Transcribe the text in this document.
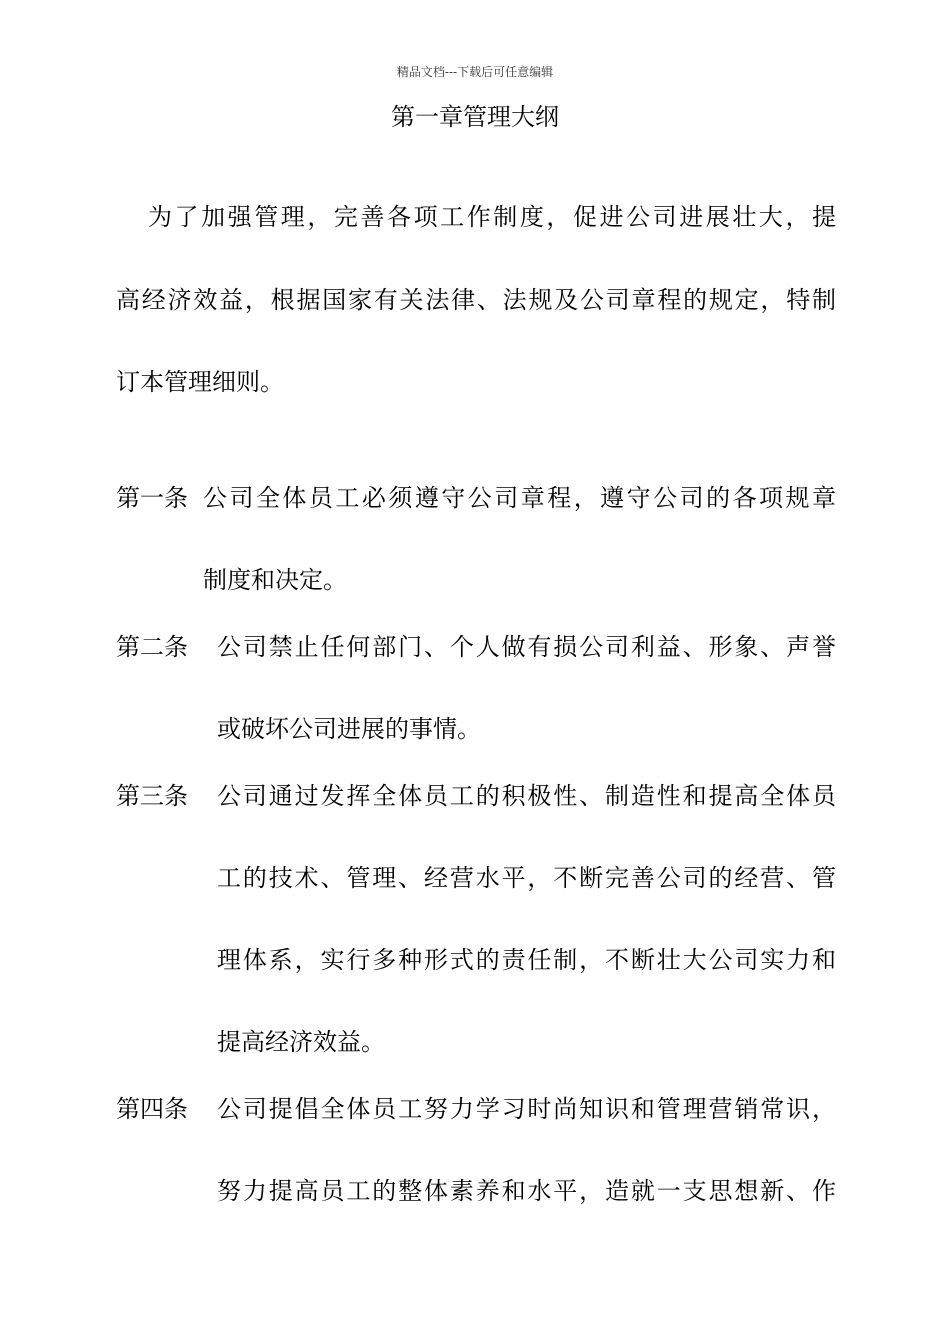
精品文档---下载后可任意编辑
第一章管理大纲
为了加强管理，完善各项工作制度，促进公司进展壮大，提
高经济效益，根据国家有关法律、法规及公司章程的规定，特制
订本管理细则。
第一条 公司全体员工必须遵守公司章程，遵守公司的各项规章
制度和决定。
第二条	公司禁止任何部门、个人做有损公司利益、形象、声誉
或破坏公司进展的事情。
第三条	公司通过发挥全体员工的积极性、制造性和提高全体员
工的技术、管理、经营水平，不断完善公司的经营、管
理体系，实行多种形式的责任制，不断壮大公司实力和
提高经济效益。
第四条	公司提倡全体员工努力学习时尚知识和管理营销常识，
努力提高员工的整体素养和水平，造就一支思想新、作
